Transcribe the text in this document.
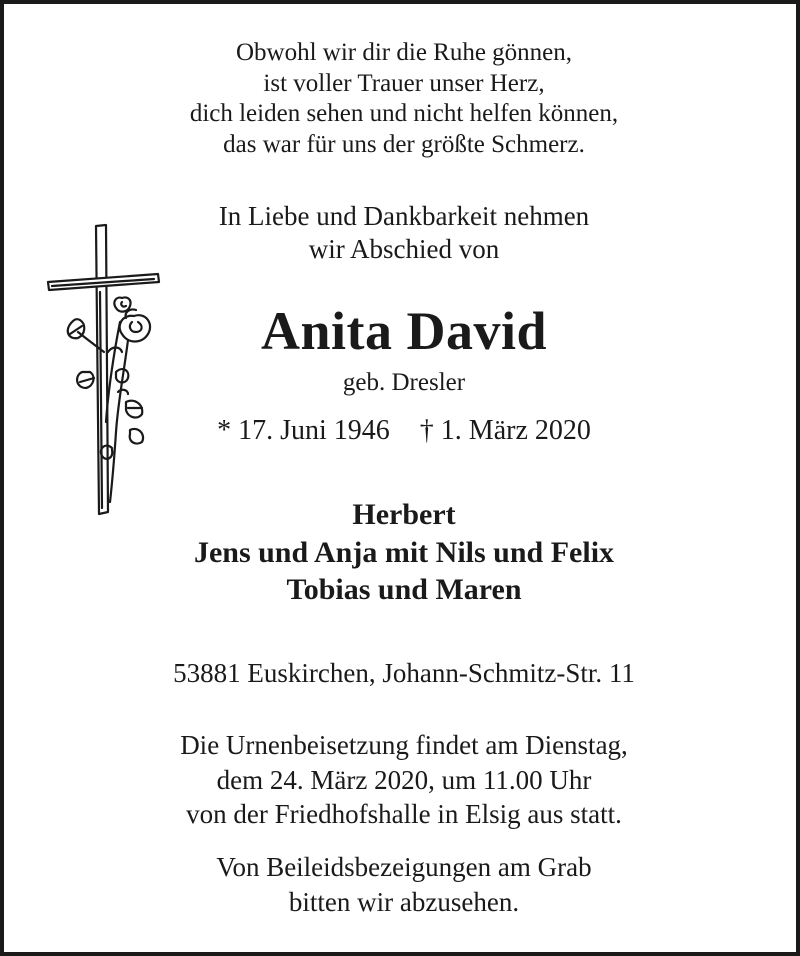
Obwohl wir dir die Ruhe gönnen,
ist voller Trauer unser Herz,
dich leiden sehen und nicht helfen können,
das war für uns der größte Schmerz.
In Liebe und Dankbarkeit nehmen
wir Abschied von
Anita David
geb. Dresler
* 17. Juni 1946 † 1. März 2020
Herbert
Jens und Anja mit Nils und Felix
Tobias und Maren
53881 Euskirchen, Johann-Schmitz-Str. 11
Die Urnenbeisetzung findet am Dienstag,
dem 24. März 2020, um 11.00 Uhr
von der Friedhofshalle in Elsig aus statt.
Von Beileidsbezeigungen am Grab
bitten wir abzusehen.
